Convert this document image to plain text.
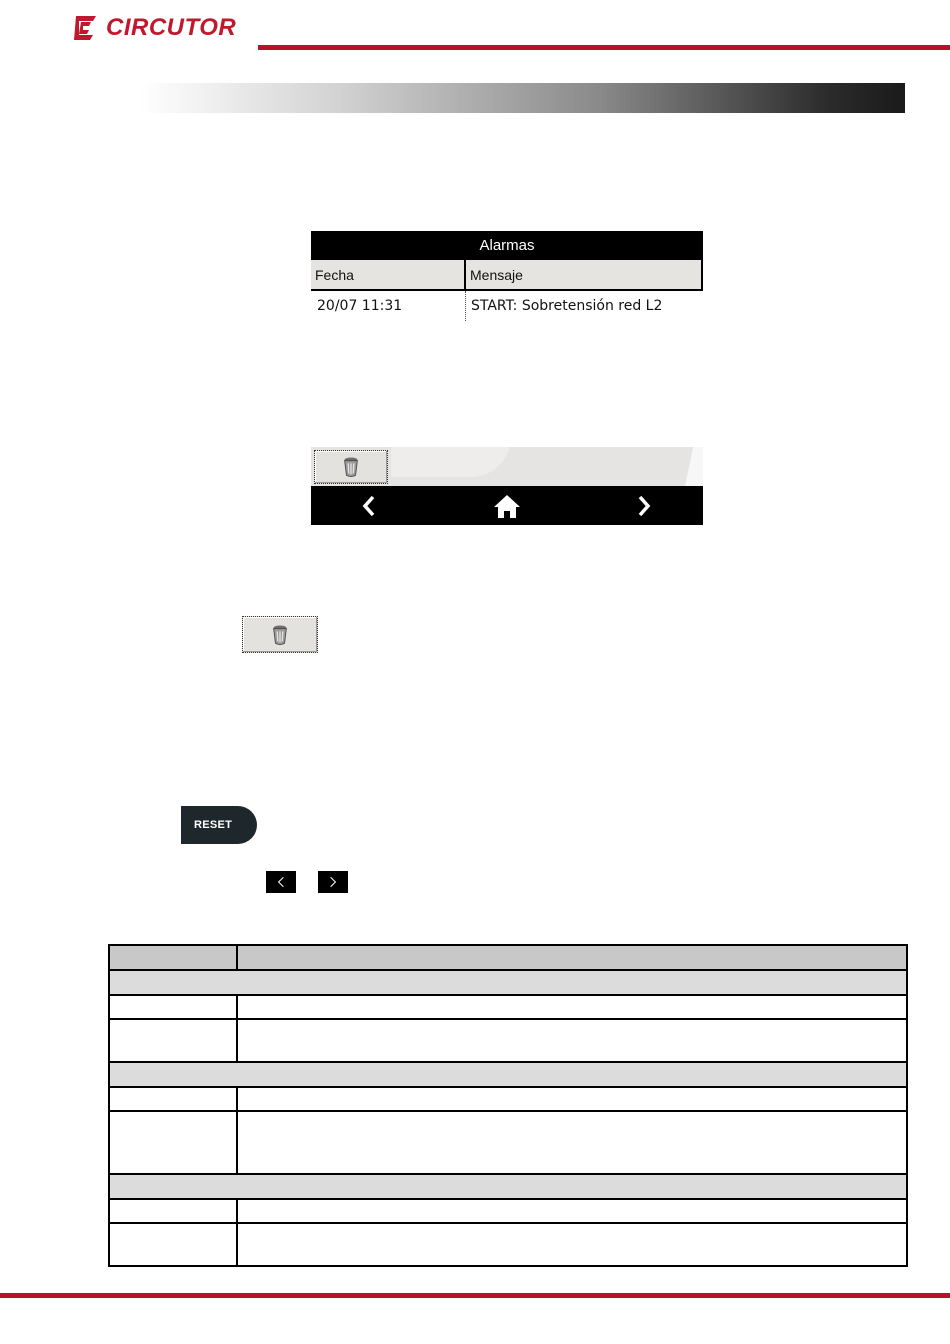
CIRCUTOR
Alarmas
Fecha	Mensaje
20/07 11:31	START: Sobretensión red L2
RESET
